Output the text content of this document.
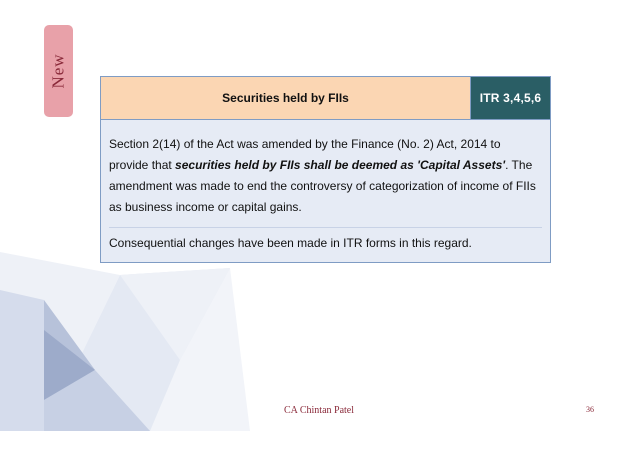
New
Securities held by FIIs	ITR 3,4,5,6

Section 2(14) of the Act was amended by the Finance (No. 2) Act, 2014 to provide that securities held by FIIs shall be deemed as 'Capital Assets'. The amendment was made to end the controversy of categorization of income of FIIs as business income or capital gains.

Consequential changes have been made in ITR forms in this regard.

CA Chintan Patel	36
